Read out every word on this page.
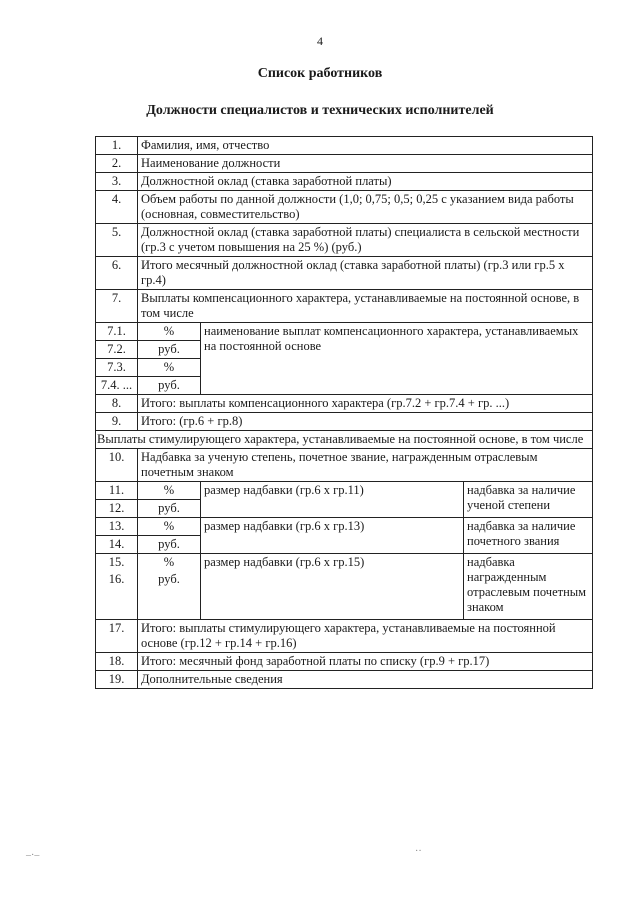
4
Список работников
Должности специалистов и технических исполнителей
1.	Фамилия, имя, отчество		
2.	Наименование должности		
3.	Должностной оклад (ставка заработной платы)		
4.	Объем работы по данной должности (1,0; 0,75; 0,5; 0,25 с указанием вида работы (основная, совместительство)		
5.	Должностной оклад (ставка заработной платы) специалиста в сельской местности (гр.3 с учетом повышения на 25 %) (руб.)		
6.	Итого месячный должностной оклад (ставка заработной платы) (гр.3 или гр.5 х гр.4)		
7.	Выплаты компенсационного характера, устанавливаемые на постоянной основе, в том числе		
7.1.	%	наименование выплат компенсационного характера, устанавливаемых на постоянной основе	
7.2.	руб.		
7.3.	%		
7.4. ...	руб.		
8.	Итого: выплаты компенсационного характера (гр.7.2 + гр.7.4 + гр. ...)		
9.	Итого: (гр.6 + гр.8)		
Выплаты стимулирующего характера, устанавливаемые на постоянной основе, в том числе			
10.	Надбавка за ученую степень, почетное звание, награжденным отраслевым почетным знаком		
11.	%	размер надбавки (гр.6 х гр.11)	надбавка за наличие ученой степени
12.	руб.		
13.	%	размер надбавки (гр.6 х гр.13)	надбавка за наличие почетного звания
14.	руб.		
15.	%	размер надбавки (гр.6 х гр.15)	надбавка награжденным отраслевым почетным знаком
16.	руб.		
17.	Итого: выплаты стимулирующего характера, устанавливаемые на постоянной основе (гр.12 + гр.14 + гр.16)		
18.	Итого: месячный фонд заработной платы по списку (гр.9 + гр.17)		
19.	Дополнительные сведения		
–·–	··
